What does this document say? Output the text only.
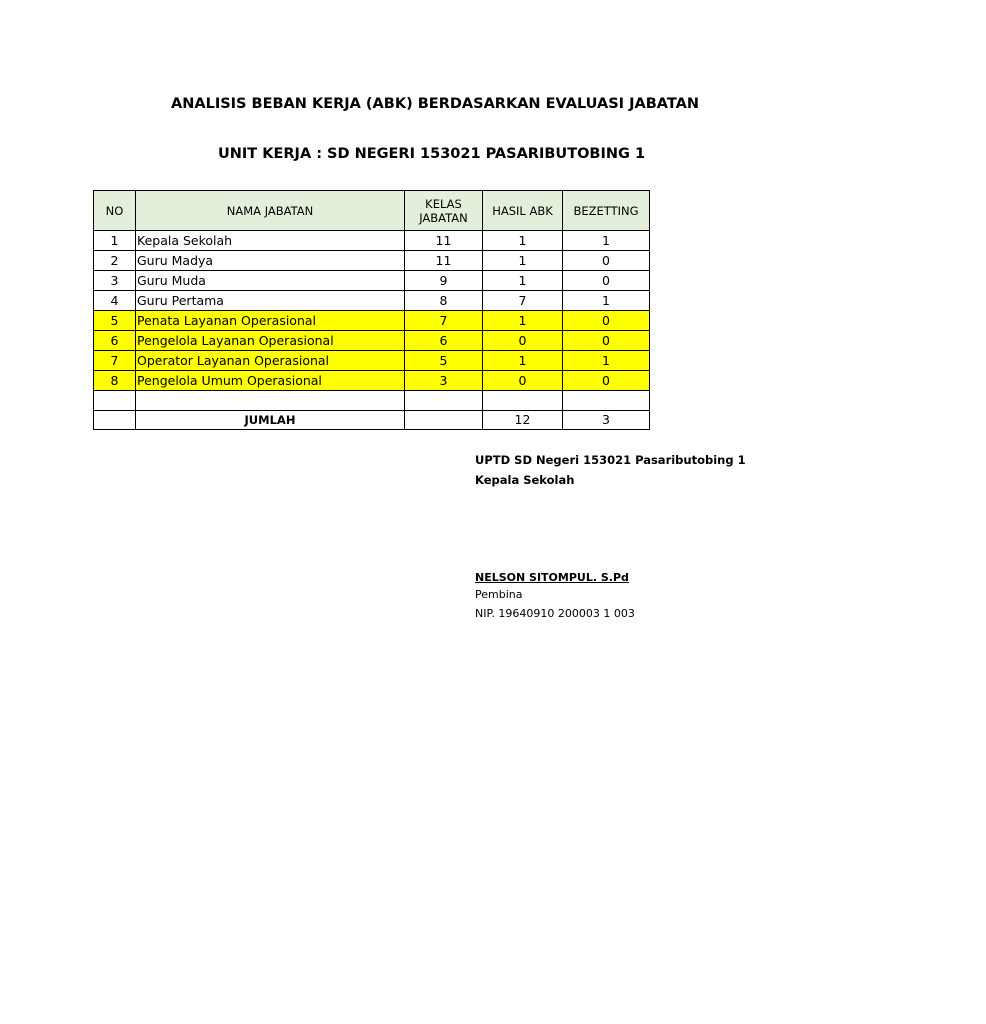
ANALISIS BEBAN KERJA (ABK) BERDASARKAN EVALUASI JABATAN
UNIT KERJA : SD NEGERI 153021 PASARIBUTOBING 1
NO	NAMA JABATAN	KELAS JABATAN	HASIL ABK	BEZETTING
1	Kepala Sekolah	11	1	1
2	Guru Madya	11	1	0
3	Guru Muda	9	1	0
4	Guru Pertama	8	7	1
5	Penata Layanan Operasional	7	1	0
6	Pengelola Layanan Operasional	6	0	0
7	Operator Layanan Operasional	5	1	1
8	Pengelola Umum Operasional	3	0	0

	JUMLAH		12	3
UPTD SD Negeri 153021 Pasaributobing 1
Kepala Sekolah
NELSON SITOMPUL. S.Pd
Pembina
NIP. 19640910 200003 1 003
